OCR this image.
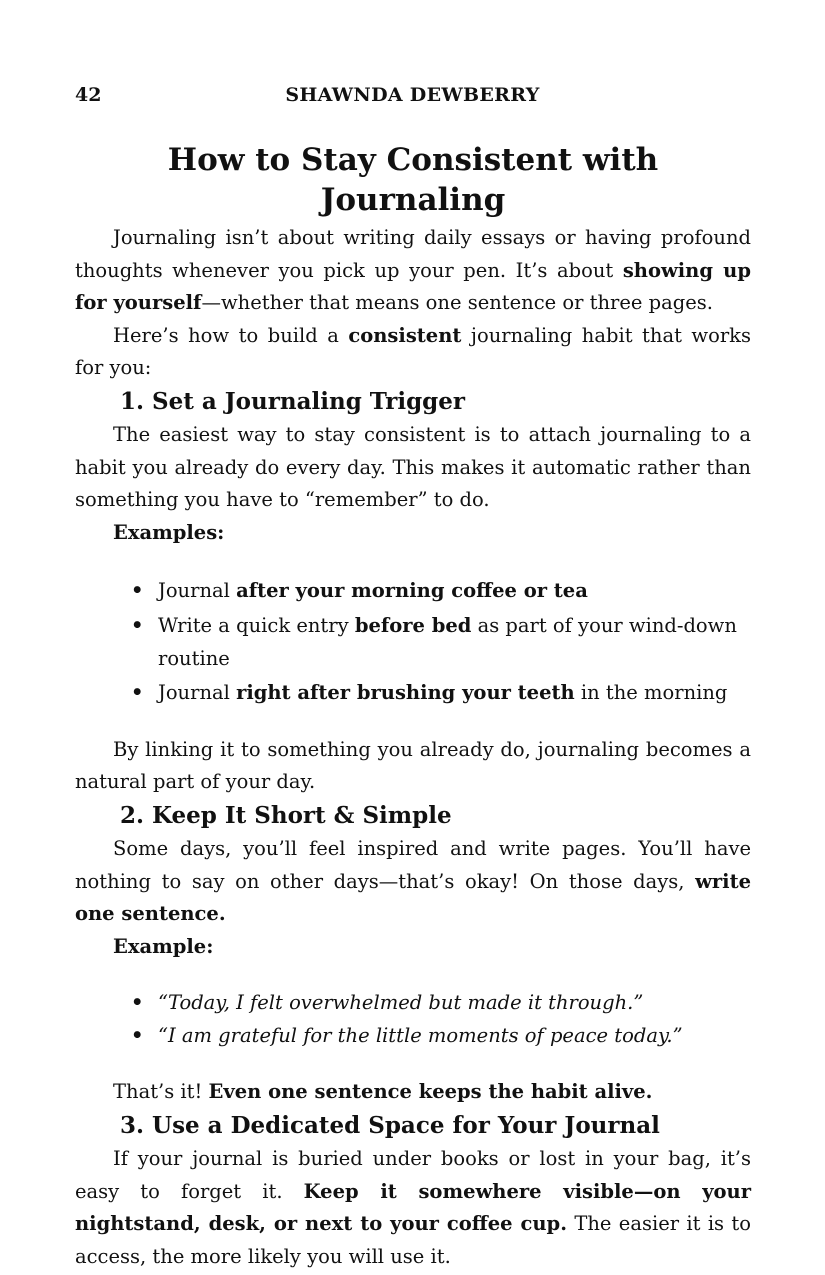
42	SHAWNDA DEWBERRY
How to Stay Consistent with Journaling

Journaling isn’t about writing daily essays or having profound thoughts whenever you pick up your pen. It’s about showing up for yourself—whether that means one sentence or three pages.

Here’s how to build a consistent journaling habit that works for you:

1. Set a Journaling Trigger

The easiest way to stay consistent is to attach journaling to a habit you already do every day. This makes it automatic rather than something you have to “remember” to do.

Examples:
• Journal after your morning coffee or tea
• Write a quick entry before bed as part of your wind-down routine
• Journal right after brushing your teeth in the morning

By linking it to something you already do, journaling becomes a natural part of your day.

2. Keep It Short & Simple

Some days, you’ll feel inspired and write pages. You’ll have nothing to say on other days—that’s okay! On those days, write one sentence.

Example:
• “Today, I felt overwhelmed but made it through.”
• “I am grateful for the little moments of peace today.”

That’s it! Even one sentence keeps the habit alive.

3. Use a Dedicated Space for Your Journal

If your journal is buried under books or lost in your bag, it’s easy to forget it. Keep it somewhere visible—on your nightstand, desk, or next to your coffee cup. The easier it is to access, the more likely you will use it.
